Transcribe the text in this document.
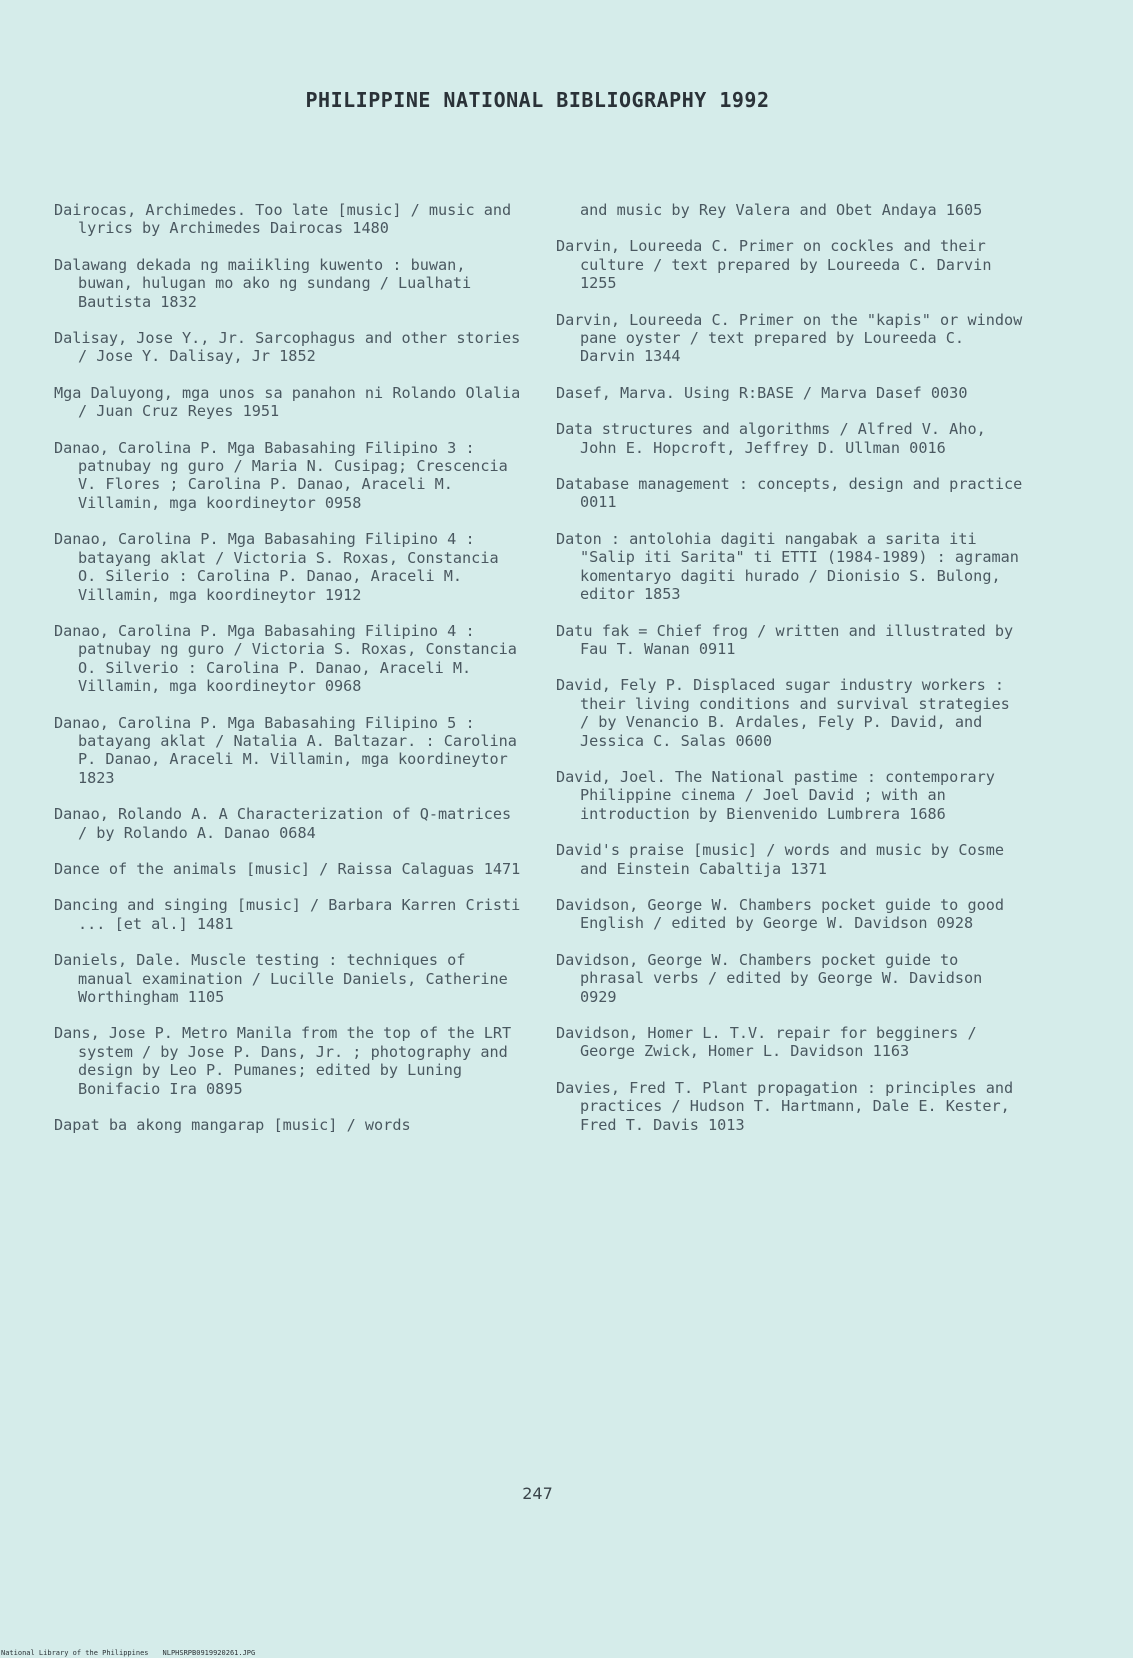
PHILIPPINE NATIONAL BIBLIOGRAPHY 1992

Dairocas, Archimedes. Too late [music] / music and lyrics by Archimedes Dairocas 1480

Dalawang dekada ng maiikling kuwento : buwan, buwan, hulugan mo ako ng sundang / Lualhati Bautista 1832

Dalisay, Jose Y., Jr. Sarcophagus and other stories / Jose Y. Dalisay, Jr 1852

Mga Daluyong, mga unos sa panahon ni Rolando Olalia / Juan Cruz Reyes 1951

Danao, Carolina P. Mga Babasahing Filipino 3 : patnubay ng guro / Maria N. Cusipag; Crescencia V. Flores ; Carolina P. Danao, Araceli M. Villamin, mga koordineytor 0958

Danao, Carolina P. Mga Babasahing Filipino 4 : batayang aklat / Victoria S. Roxas, Constancia O. Silerio : Carolina P. Danao, Araceli M. Villamin, mga koordineytor 1912

Danao, Carolina P. Mga Babasahing Filipino 4 : patnubay ng guro / Victoria S. Roxas, Constancia O. Silverio : Carolina P. Danao, Araceli M. Villamin, mga koordineytor 0968

Danao, Carolina P. Mga Babasahing Filipino 5 : batayang aklat / Natalia A. Baltazar. : Carolina P. Danao, Araceli M. Villamin, mga koordineytor 1823

Danao, Rolando A. A Characterization of Q-matrices / by Rolando A. Danao 0684

Dance of the animals [music] / Raissa Calaguas 1471

Dancing and singing [music] / Barbara Karren Cristi ... [et al.] 1481

Daniels, Dale. Muscle testing : techniques of manual examination / Lucille Daniels, Catherine Worthingham 1105

Dans, Jose P. Metro Manila from the top of the LRT system / by Jose P. Dans, Jr. ; photography and design by Leo P. Pumanes; edited by Luning Bonifacio Ira 0895

Dapat ba akong mangarap [music] / words

and music by Rey Valera and Obet Andaya 1605

Darvin, Loureeda C. Primer on cockles and their culture / text prepared by Loureeda C. Darvin 1255

Darvin, Loureeda C. Primer on the "kapis" or window pane oyster / text prepared by Loureeda C. Darvin 1344

Dasef, Marva. Using R:BASE / Marva Dasef 0030

Data structures and algorithms / Alfred V. Aho, John E. Hopcroft, Jeffrey D. Ullman 0016

Database management : concepts, design and practice 0011

Daton : antolohia dagiti nangabak a sarita iti "Salip iti Sarita" ti ETTI (1984-1989) : agraman komentaryo dagiti hurado / Dionisio S. Bulong, editor 1853

Datu fak = Chief frog / written and illustrated by Fau T. Wanan 0911

David, Fely P. Displaced sugar industry workers : their living conditions and survival strategies / by Venancio B. Ardales, Fely P. David, and Jessica C. Salas 0600

David, Joel. The National pastime : contemporary Philippine cinema / Joel David ; with an introduction by Bienvenido Lumbrera 1686

David's praise [music] / words and music by Cosme and Einstein Cabaltija 1371

Davidson, George W. Chambers pocket guide to good English / edited by George W. Davidson 0928

Davidson, George W. Chambers pocket guide to phrasal verbs / edited by George W. Davidson 0929

Davidson, Homer L. T.V. repair for begginers / George Zwick, Homer L. Davidson 1163

Davies, Fred T. Plant propagation : principles and practices / Hudson T. Hartmann, Dale E. Kester, Fred T. Davis 1013

247
National Library of the Philippines NLPHSRPB0919920261.JPG
